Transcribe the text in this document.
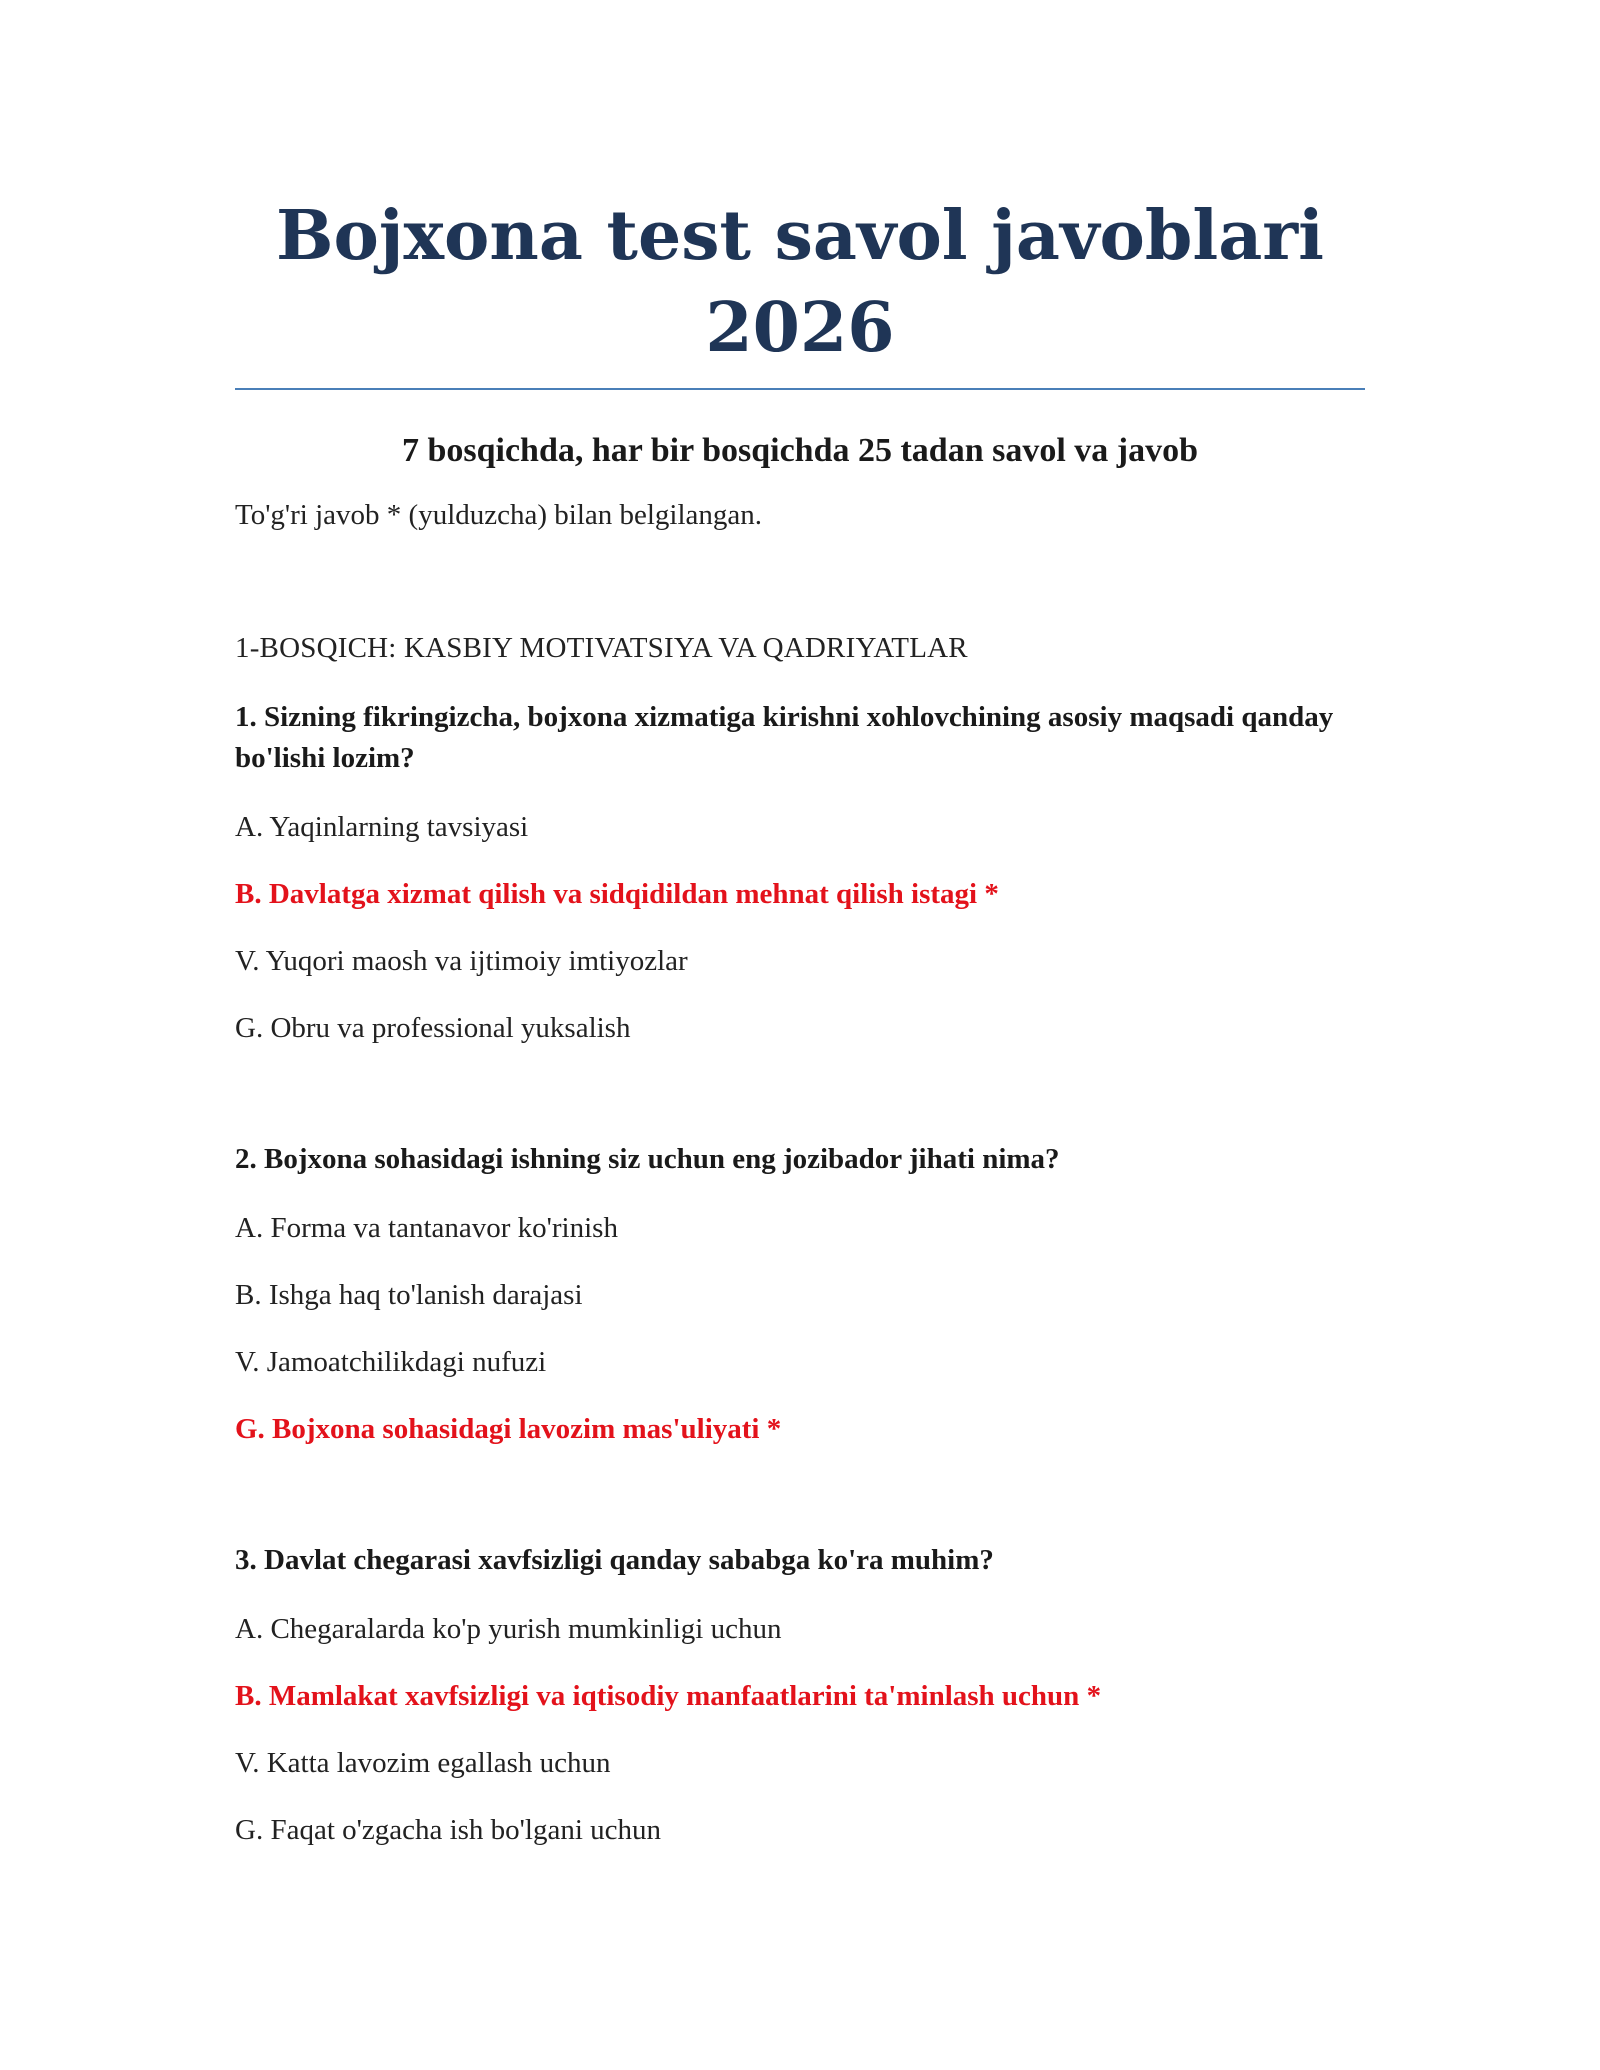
Bojxona test savol javoblari
2026
7 bosqichda, har bir bosqichda 25 tadan savol va javob
To'g'ri javob * (yulduzcha) bilan belgilangan.
1-BOSQICH: KASBIY MOTIVATSIYA VA QADRIYATLAR
1. Sizning fikringizcha, bojxona xizmatiga kirishni xohlovchining asosiy maqsadi qanday bo'lishi lozim?
A. Yaqinlarning tavsiyasi
B. Davlatga xizmat qilish va sidqidildan mehnat qilish istagi *
V. Yuqori maosh va ijtimoiy imtiyozlar
G. Obru va professional yuksalish
2. Bojxona sohasidagi ishning siz uchun eng jozibador jihati nima?
A. Forma va tantanavor ko'rinish
B. Ishga haq to'lanish darajasi
V. Jamoatchilikdagi nufuzi
G. Bojxona sohasidagi lavozim mas'uliyati *
3. Davlat chegarasi xavfsizligi qanday sababga ko'ra muhim?
A. Chegaralarda ko'p yurish mumkinligi uchun
B. Mamlakat xavfsizligi va iqtisodiy manfaatlarini ta'minlash uchun *
V. Katta lavozim egallash uchun
G. Faqat o'zgacha ish bo'lgani uchun
